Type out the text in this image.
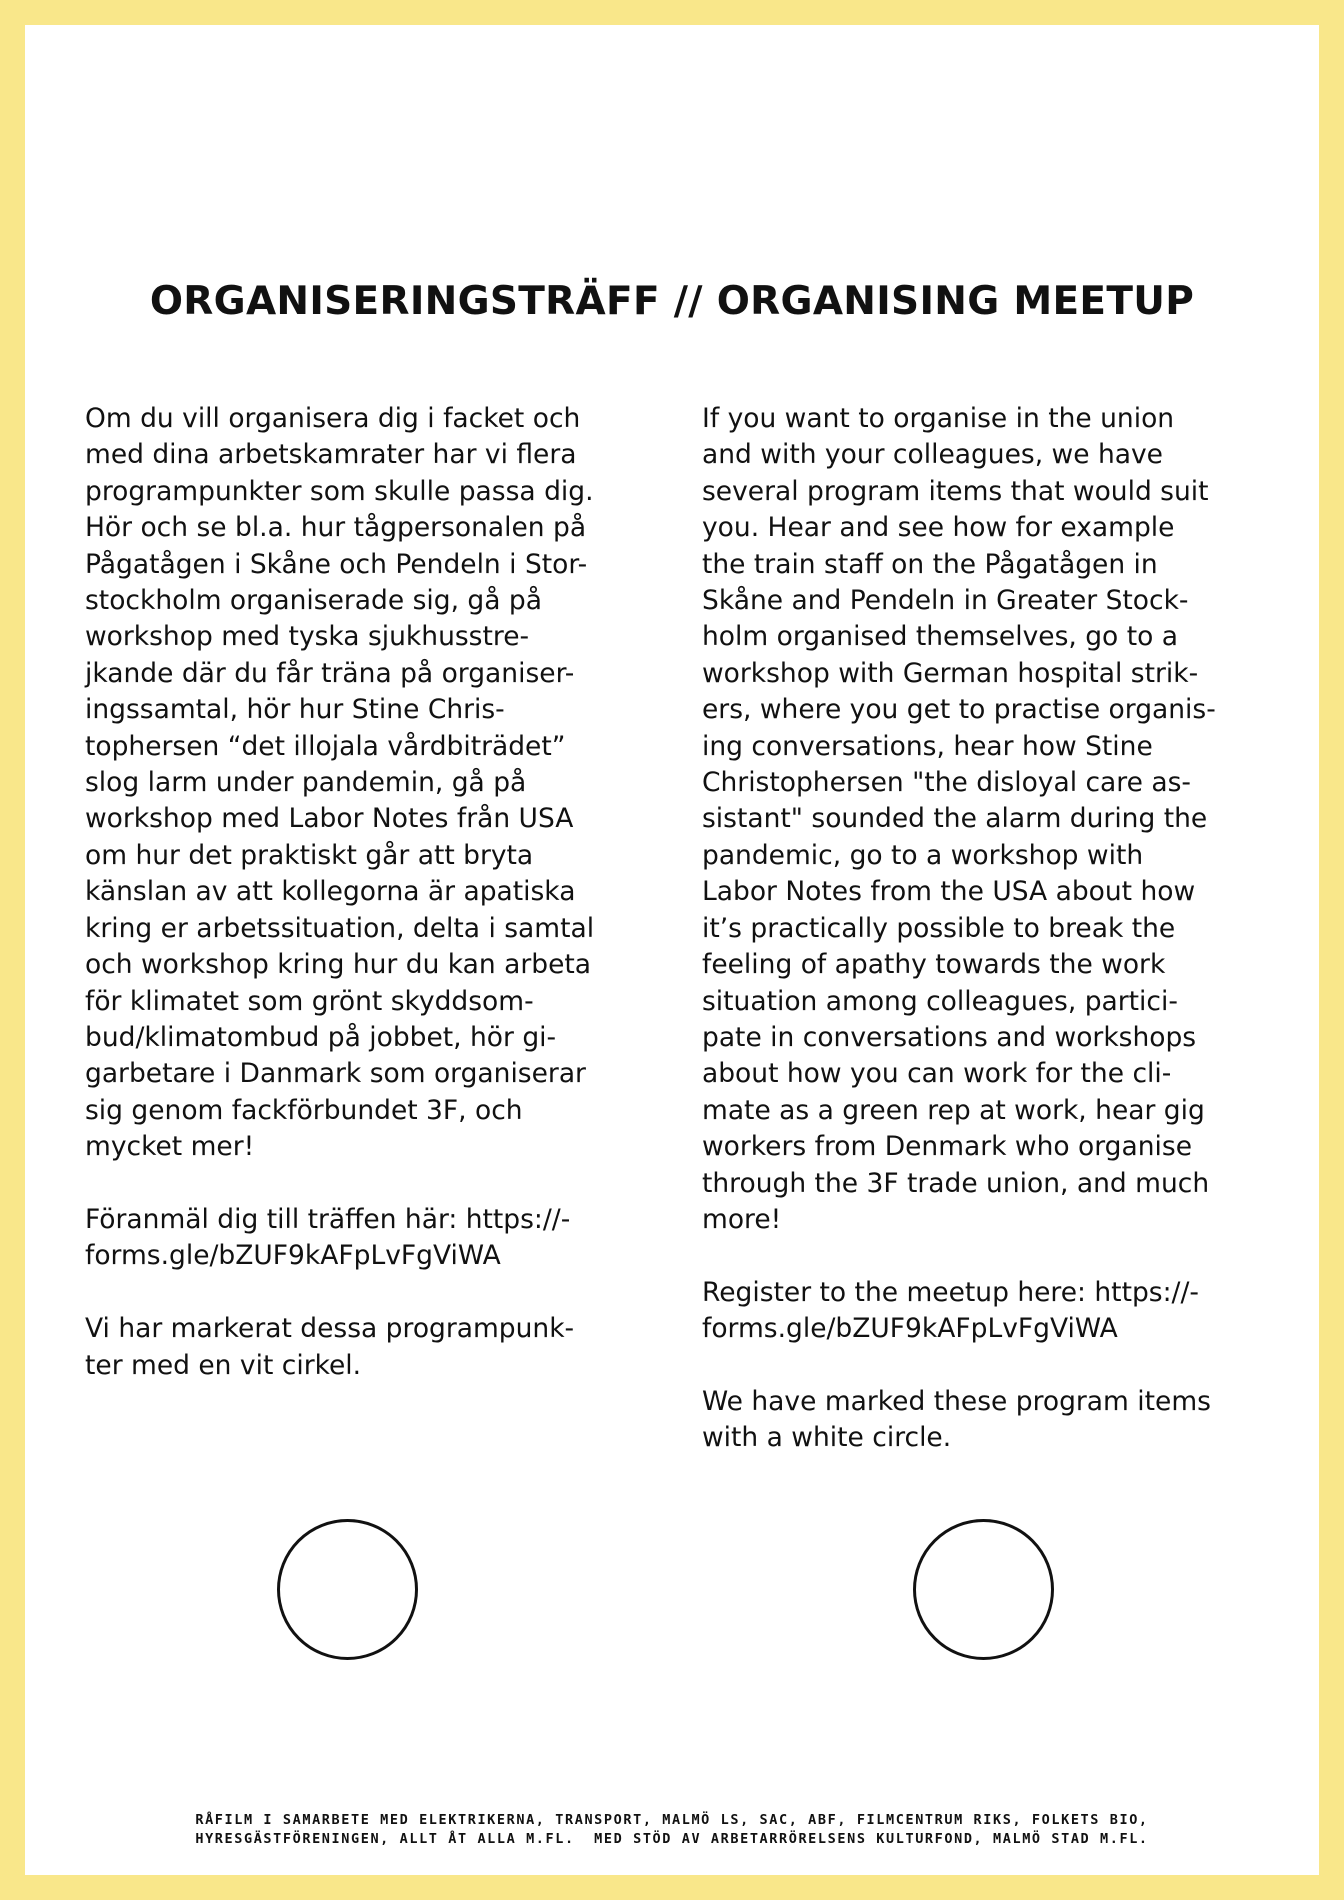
ORGANISERINGSTRÄFF // ORGANISING MEETUP

Om du vill organisera dig i facket och
med dina arbetskamrater har vi flera
programpunkter som skulle passa dig.
Hör och se bl.a. hur tågpersonalen på
Pågatågen i Skåne och Pendeln i Stor-
stockholm organiserade sig, gå på
workshop med tyska sjukhusstre-
jkande där du får träna på organiser-
ingssamtal, hör hur Stine Chris-
tophersen “det illojala vårdbiträdet”
slog larm under pandemin, gå på
workshop med Labor Notes från USA
om hur det praktiskt går att bryta
känslan av att kollegorna är apatiska
kring er arbetssituation, delta i samtal
och workshop kring hur du kan arbeta
för klimatet som grönt skyddsom-
bud/klimatombud på jobbet, hör gi-
garbetare i Danmark som organiserar
sig genom fackförbundet 3F, och
mycket mer!

Föranmäl dig till träffen här: https://-
forms.gle/bZUF9kAFpLvFgViWA

Vi har markerat dessa programpunk-
ter med en vit cirkel.

If you want to organise in the union
and with your colleagues, we have
several program items that would suit
you. Hear and see how for example
the train staff on the Pågatågen in
Skåne and Pendeln in Greater Stock-
holm organised themselves, go to a
workshop with German hospital strik-
ers, where you get to practise organis-
ing conversations, hear how Stine
Christophersen "the disloyal care as-
sistant" sounded the alarm during the
pandemic, go to a workshop with
Labor Notes from the USA about how
it’s practically possible to break the
feeling of apathy towards the work
situation among colleagues, partici-
pate in conversations and workshops
about how you can work for the cli-
mate as a green rep at work, hear gig
workers from Denmark who organise
through the 3F trade union, and much
more!

Register to the meetup here: https://-
forms.gle/bZUF9kAFpLvFgViWA

We have marked these program items
with a white circle.

RÅFILM I SAMARBETE MED ELEKTRIKERNA, TRANSPORT, MALMÖ LS, SAC, ABF, FILMCENTRUM RIKS, FOLKETS BIO,
HYRESGÄSTFÖRENINGEN, ALLT ÅT ALLA M.FL.  MED STÖD AV ARBETARRÖRELSENS KULTURFOND, MALMÖ STAD M.FL.
